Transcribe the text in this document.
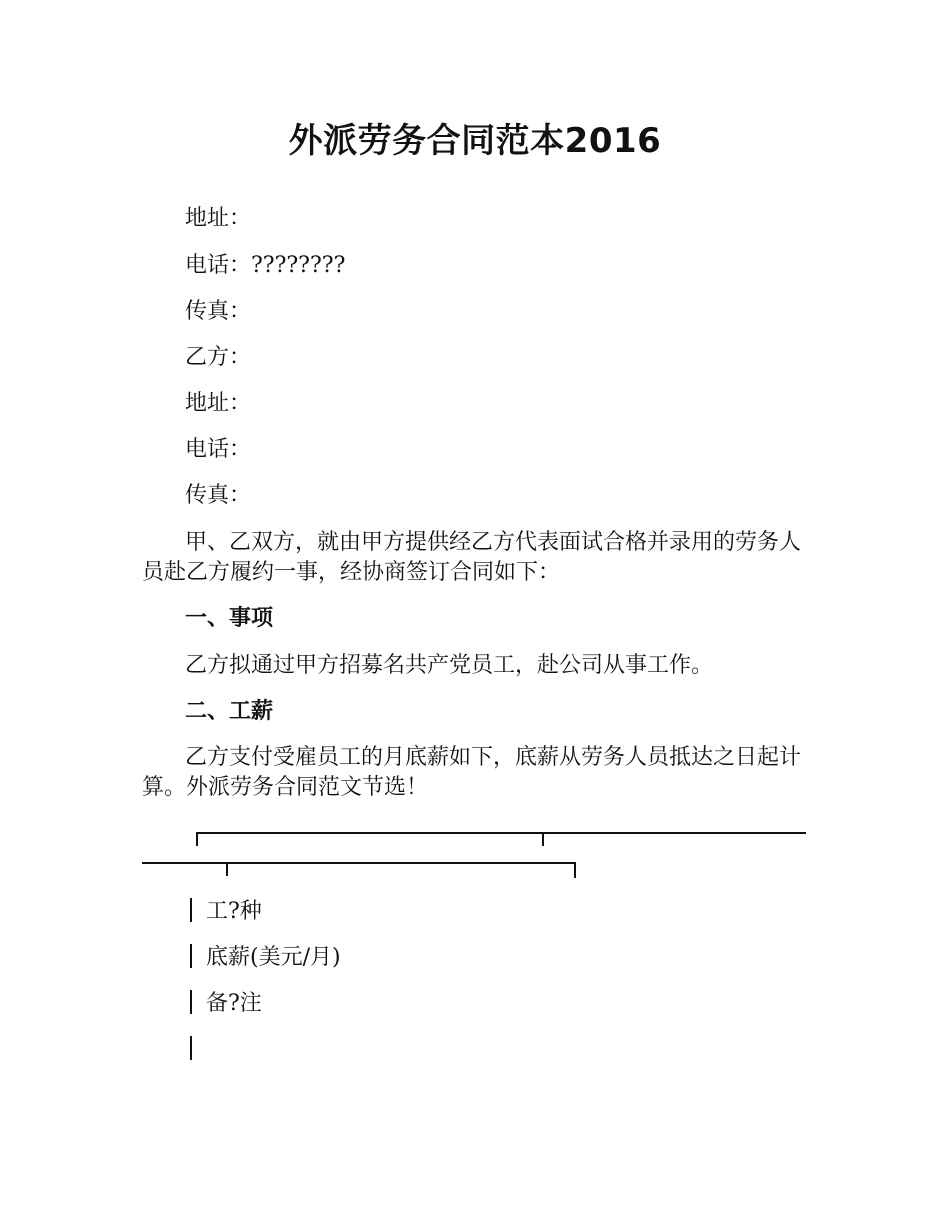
外派劳务合同范本2016
地址：
电话：????????
传真：
乙方：
地址：
电话：
传真：
甲、乙双方，就由甲方提供经乙方代表面试合格并录用的劳务人员赴乙方履约一事，经协商签订合同如下：
一、事项
乙方拟通过甲方招募名共产党员工，赴公司从事工作。
二、工薪
乙方支付受雇员工的月底薪如下，底薪从劳务人员抵达之日起计算。外派劳务合同范文节选！
工?种
底薪(美元/月)
备?注
